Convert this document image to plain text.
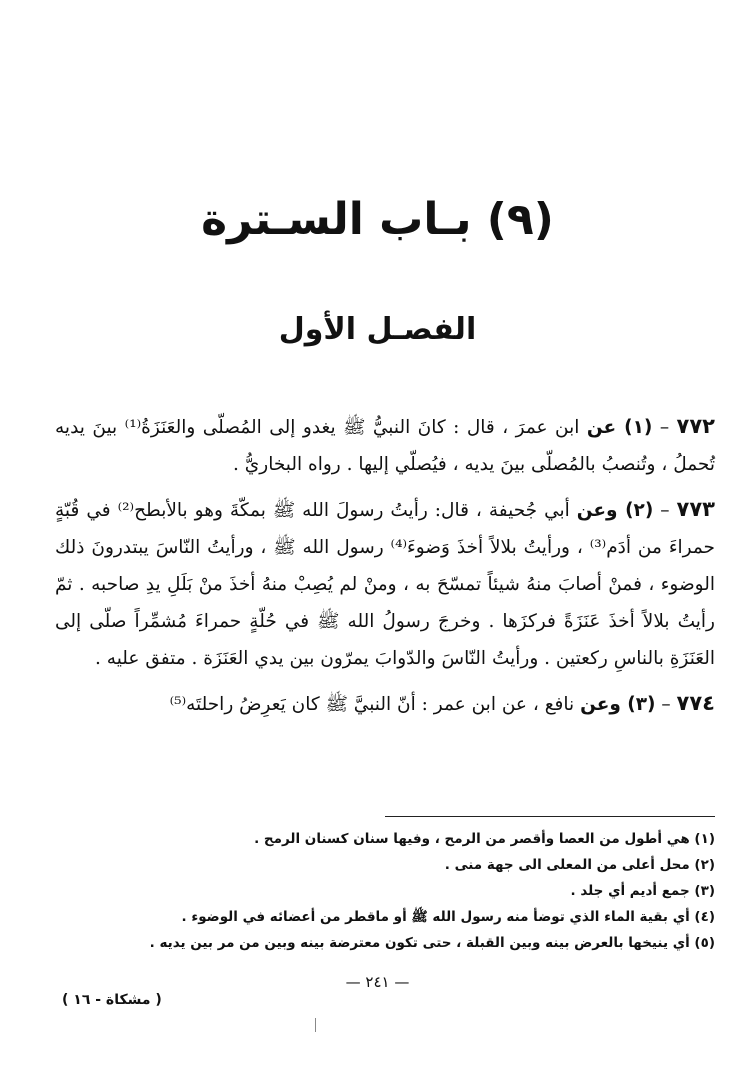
(٩) بـاب السـترة
الفصـل الأول

٧٧٢ – (١) عن ابن عمرَ ، قال : كانَ النبيُّ ﷺ يغدو إلى المُصلّى والعَنَزَةُ⁽¹⁾ بينَ يديه تُحملُ ، وتُنصبُ بالمُصلّى بينَ يديه ، فيُصلّي إليها . رواه البخاريُّ .

٧٧٣ – (٢) وعن أبي جُحيفة ، قال: رأيتُ رسولَ الله ﷺ بمكّةَ وهو بالأبطح⁽²⁾ في قُبّةٍ حمراءَ من أدَم⁽³⁾ ، ورأيتُ بلالاً أخذَ وَضوءَ⁽⁴⁾ رسول الله ﷺ ، ورأيتُ النّاسَ يبتدرونَ ذلك الوضوء ، فمنْ أصابَ منهُ شيئاً تمسّحَ به ، ومنْ لم يُصِبْ منهُ أخذَ منْ بَلَلِ يدِ صاحبه . ثمّ رأيتُ بلالاً أخذَ عَنَزَةً فركزَها . وخرجَ رسولُ الله ﷺ في حُلّةٍ حمراءَ مُشمِّراً صلّى إلى العَنَزَةِ بالناسِ ركعتين . ورأيتُ النّاسَ والدّوابَ يمرّون بين يدي العَنَزَة . متفق عليه .

٧٧٤ – (٣) وعن نافع ، عن ابن عمر : أنّ النبيَّ ﷺ كان يَعرِضُ راحلتَه⁽⁵⁾

(١) هي أطول من العصا وأقصر من الرمح ، وفيها سنان كسنان الرمح .
(٢) محل أعلى من المعلى الى جهة منى .
(٣) جمع أديم أي جلد .
(٤) أي بقية الماء الذي توضأ منه رسول الله ﷺ أو ماقطر من أعضائه في الوضوء .
(٥) أي ينيخها بالعرض بينه وبين القبلة ، حتى تكون معترضة بينه وبين من مر بين يديه .
— ٢٤١ —
( مشكاة - ١٦ )
